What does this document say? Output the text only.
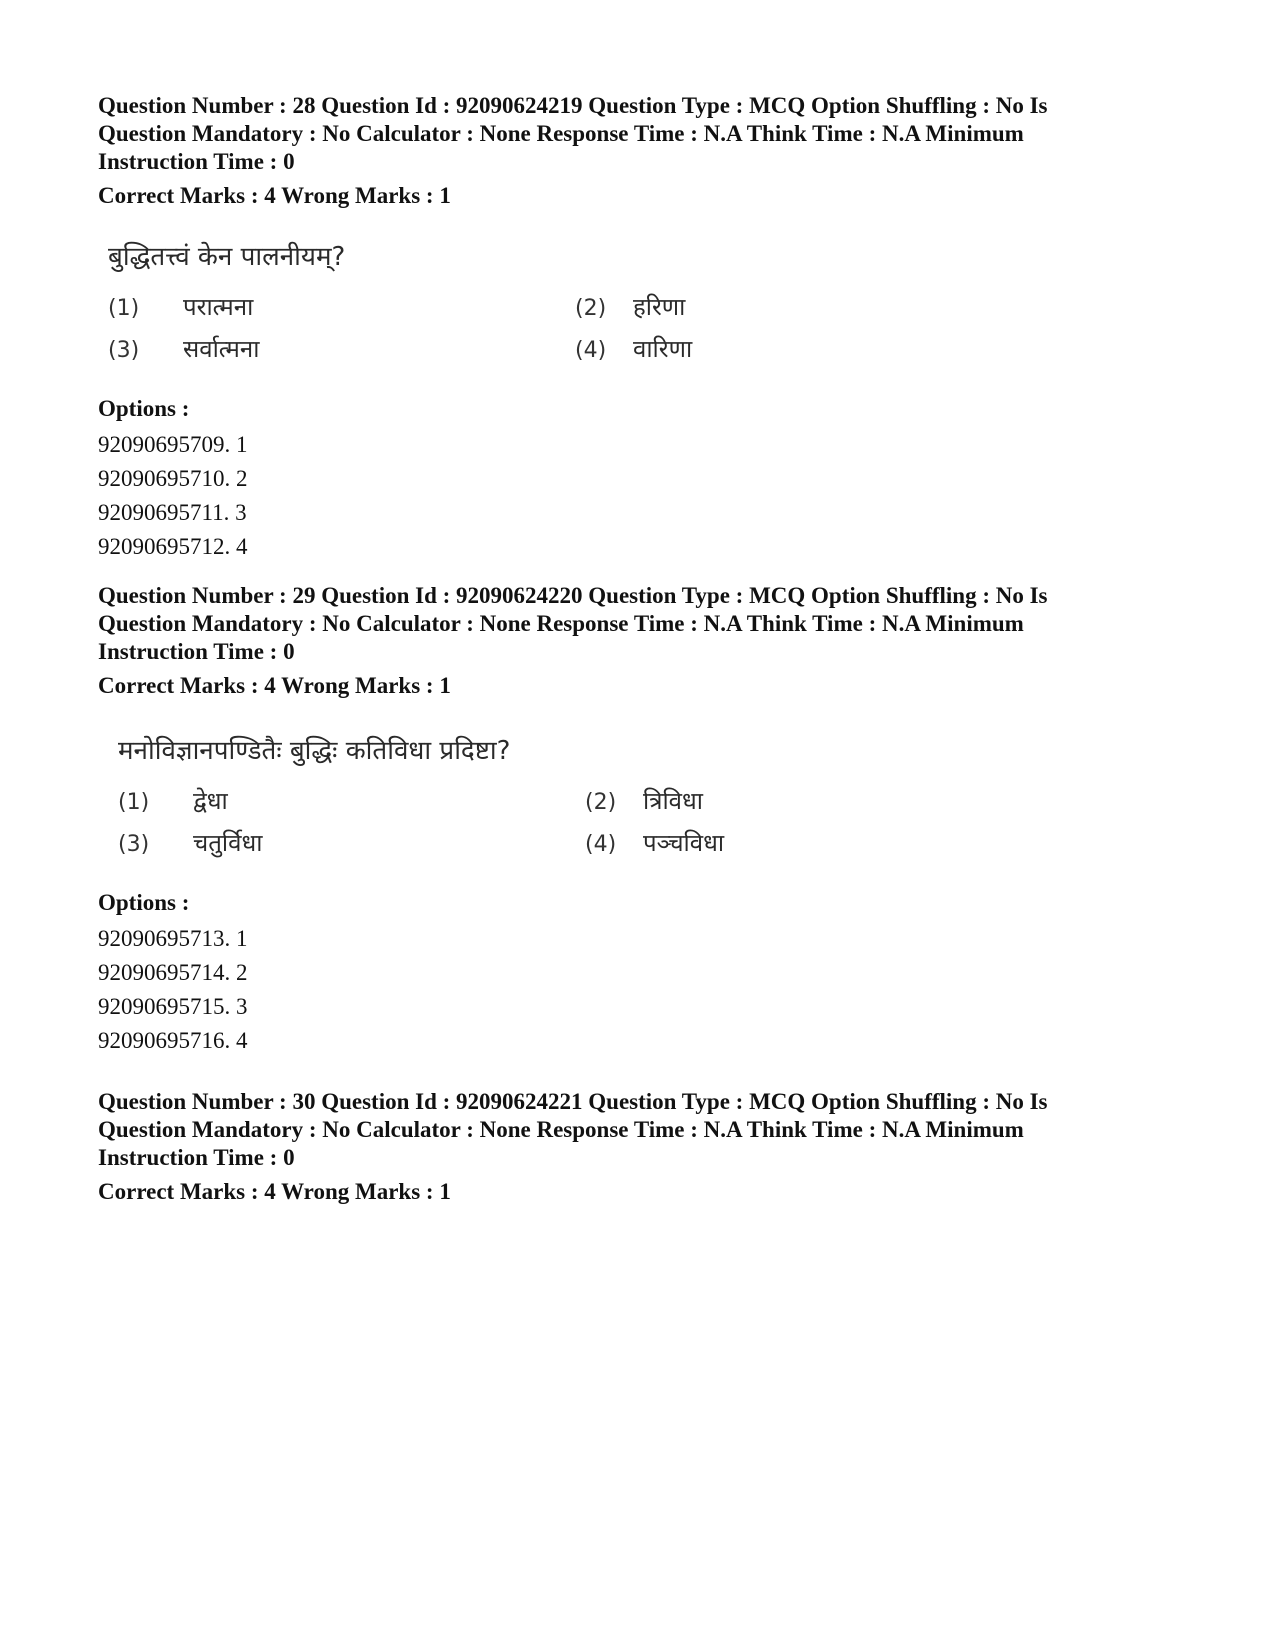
Question Number : 28 Question Id : 92090624219 Question Type : MCQ Option Shuffling : No Is

Question Mandatory : No Calculator : None Response Time : N.A Think Time : N.A Minimum

Instruction Time : 0

Correct Marks : 4 Wrong Marks : 1

बुद्धितत्त्वं केन पालनीयम्?
(1) परात्मना	(2) हरिणा
(3) सर्वात्मना	(4) वारिणा

Options :

92090695709. 1

92090695710. 2

92090695711. 3

92090695712. 4

Question Number : 29 Question Id : 92090624220 Question Type : MCQ Option Shuffling : No Is

Question Mandatory : No Calculator : None Response Time : N.A Think Time : N.A Minimum

Instruction Time : 0

Correct Marks : 4 Wrong Marks : 1

मनोविज्ञानपण्डितैः बुद्धिः कतिविधा प्रदिष्टा?
(1) द्वेधा	(2) त्रिविधा
(3) चतुर्विधा	(4) पञ्चविधा

Options :

92090695713. 1

92090695714. 2

92090695715. 3

92090695716. 4

Question Number : 30 Question Id : 92090624221 Question Type : MCQ Option Shuffling : No Is

Question Mandatory : No Calculator : None Response Time : N.A Think Time : N.A Minimum

Instruction Time : 0

Correct Marks : 4 Wrong Marks : 1
